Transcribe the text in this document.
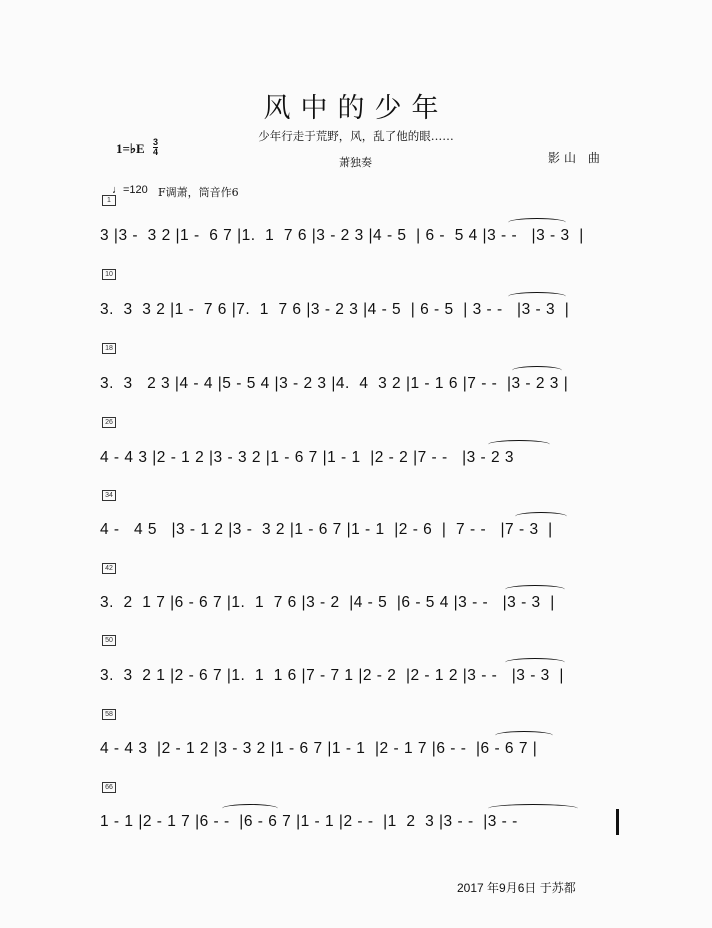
风中的少年
少年行走于荒野，风，乱了他的眼……
1=♭E 3
4
萧独奏	影山 曲
♩=120 F调萧，筒音作6
1
3 |3 -  3 2 |1 -  6 7 |1.  1  7 6 |3 - 2 3 |4 - 5  | 6 -  5 4 |3 - -   |3 - 3  |
10
3.  3  3 2 |1 -  7 6 |7.  1  7 6 |3 - 2 3 |4 - 5  | 6 - 5  | 3 - -   |3 - 3  |
18
3.  3   2 3 |4 - 4 |5 - 5 4 |3 - 2 3 |4.  4  3 2 |1 - 1 6 |7 - -  |3 - 2 3 |
26
4 - 4 3 |2 - 1 2 |3 - 3 2 |1 - 6 7 |1 - 1  |2 - 2 |7 - -   |3 - 2 3
34
4 -   4 5   |3 - 1 2 |3 -  3 2 |1 - 6 7 |1 - 1  |2 - 6  |  7 - -   |7 - 3  |
42
3.  2  1 7 |6 - 6 7 |1.  1  7 6 |3 - 2  |4 - 5  |6 - 5 4 |3 - -   |3 - 3  |
50
3.  3  2 1 |2 - 6 7 |1.  1  1 6 |7 - 7 1 |2 - 2  |2 - 1 2 |3 - -   |3 - 3  |
58
4 - 4 3  |2 - 1 2 |3 - 3 2 |1 - 6 7 |1 - 1  |2 - 1 7 |6 - -  |6 - 6 7 |
66
1 - 1 |2 - 1 7 |6 - -  |6 - 6 7 |1 - 1 |2 - -  |1  2  3 |3 - -  |3 - -
2017 年9月6日 于苏都
